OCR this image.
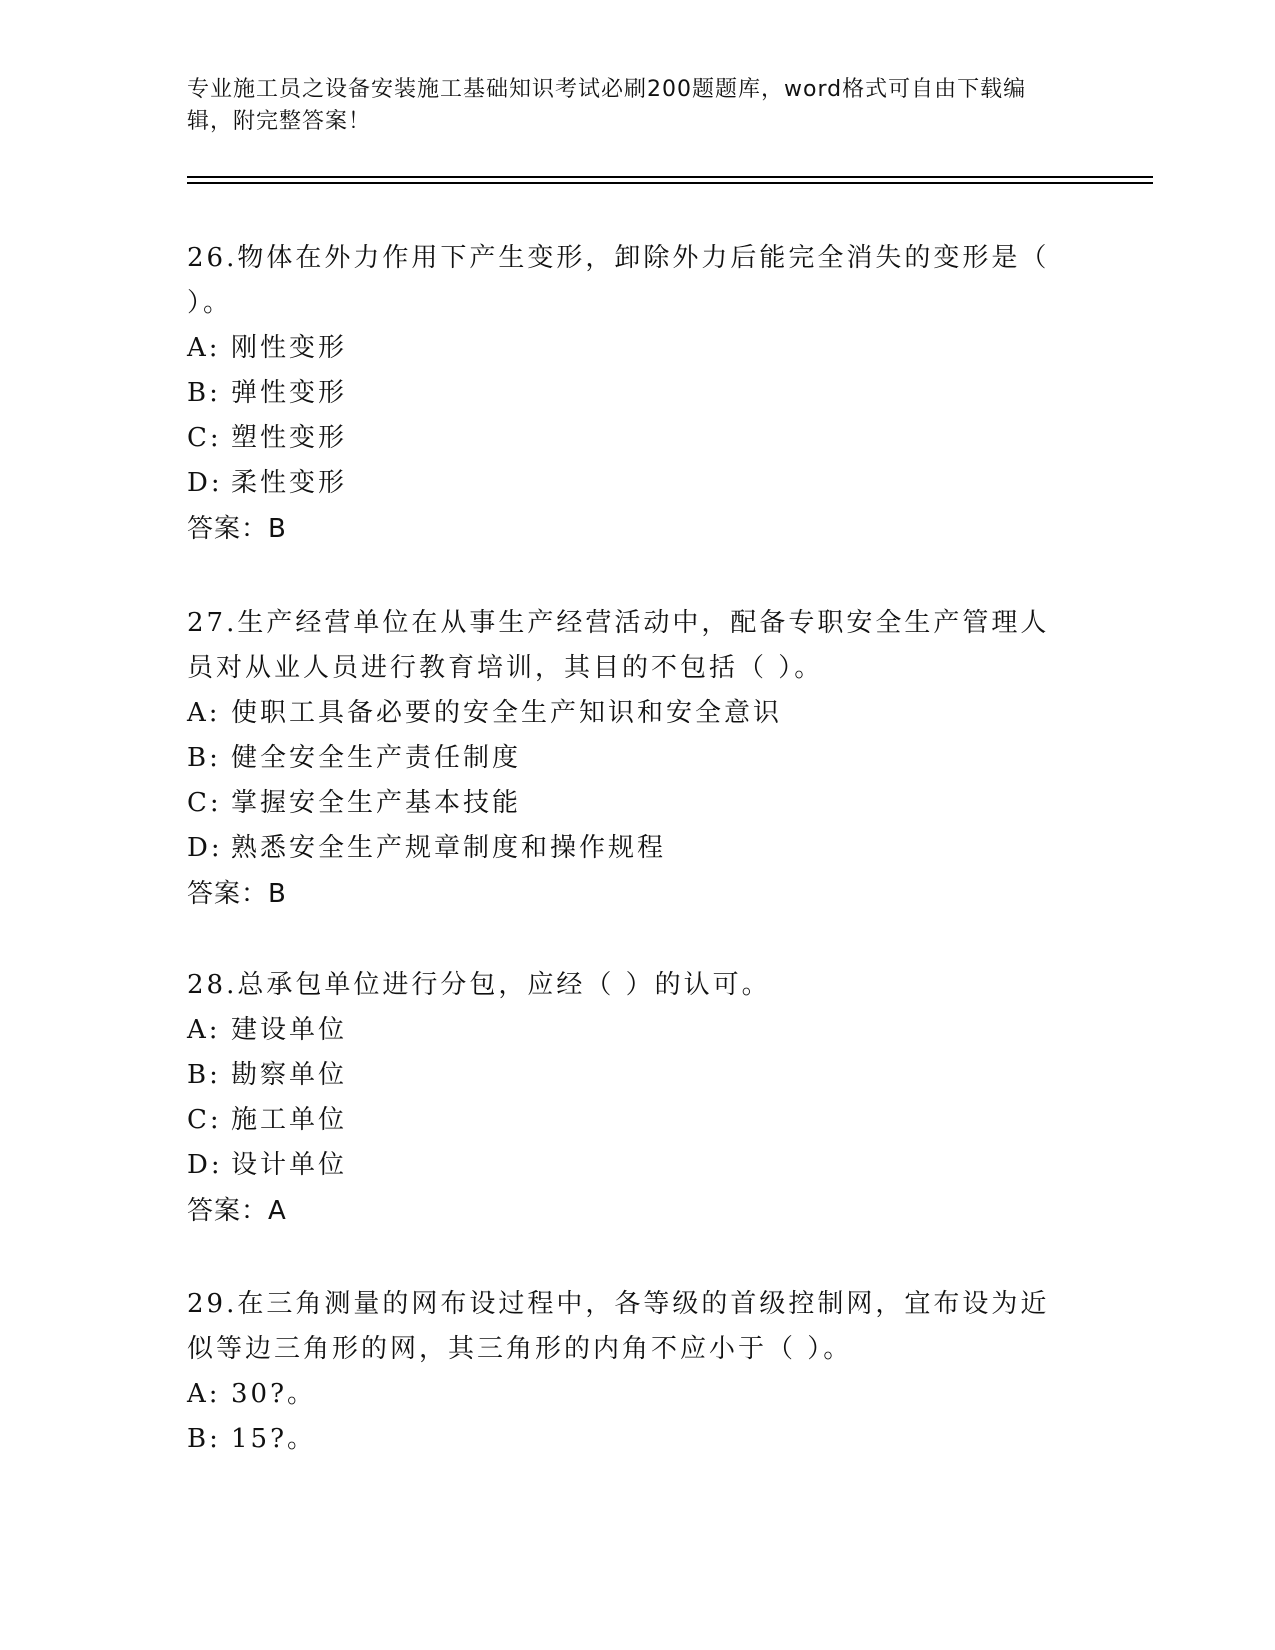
专业施工员之设备安装施工基础知识考试必刷200题题库，word格式可自由下载编辑，附完整答案！

26.物体在外力作用下产生变形，卸除外力后能完全消失的变形是（ ）。

A: 刚性变形
B: 弹性变形
C: 塑性变形
D: 柔性变形
答案： B

27.生产经营单位在从事生产经营活动中，配备专职安全生产管理人员对从业人员进行教育培训，其目的不包括（ ）。

A: 使职工具备必要的安全生产知识和安全意识
B: 健全安全生产责任制度
C: 掌握安全生产基本技能
D: 熟悉安全生产规章制度和操作规程
答案： B

28.总承包单位进行分包，应经（ ）的认可。

A: 建设单位
B: 勘察单位
C: 施工单位
D: 设计单位
答案： A

29.在三角测量的网布设过程中，各等级的首级控制网，宜布设为近似等边三角形的网，其三角形的内角不应小于（ ）。

A: 30?。
B: 15?。
